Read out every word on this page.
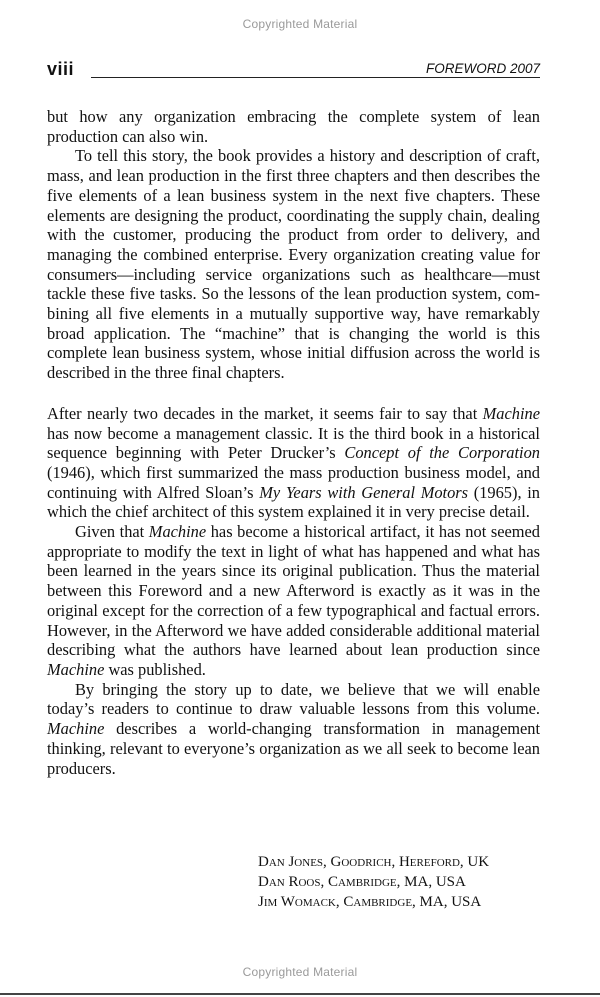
Copyrighted Material
viii	FOREWORD 2007

but how any organization embracing the complete system of lean production can also win.

To tell this story, the book provides a history and description of craft, mass, and lean production in the first three chapters and then describes the five elements of a lean business system in the next five chapters. These elements are designing the product, coordinating the supply chain, dealing with the customer, producing the product from order to delivery, and managing the combined enterprise. Every organization creating value for consumers—including service organizations such as healthcare—must tackle these five tasks. So the lessons of the lean production system, combining all five elements in a mutually supportive way, have remarkably broad application. The “machine” that is changing the world is this complete lean business system, whose initial diffusion across the world is described in the three final chapters.

After nearly two decades in the market, it seems fair to say that Machine has now become a management classic. It is the third book in a historical sequence beginning with Peter Drucker’s Concept of the Corporation (1946), which first summarized the mass production business model, and continuing with Alfred Sloan’s My Years with General Motors (1965), in which the chief architect of this system explained it in very precise detail.

Given that Machine has become a historical artifact, it has not seemed appropriate to modify the text in light of what has happened and what has been learned in the years since its original publication. Thus the material between this Foreword and a new Afterword is exactly as it was in the original except for the correction of a few typographical and factual errors. However, in the Afterword we have added considerable additional material describing what the authors have learned about lean production since Machine was published.

By bringing the story up to date, we believe that we will enable today’s readers to continue to draw valuable lessons from this volume. Machine describes a world-changing transformation in management thinking, relevant to everyone’s organization as we all seek to become lean producers.

Dan Jones, Goodrich, Hereford, UK
Dan Roos, Cambridge, MA, USA
Jim Womack, Cambridge, MA, USA
Copyrighted Material
